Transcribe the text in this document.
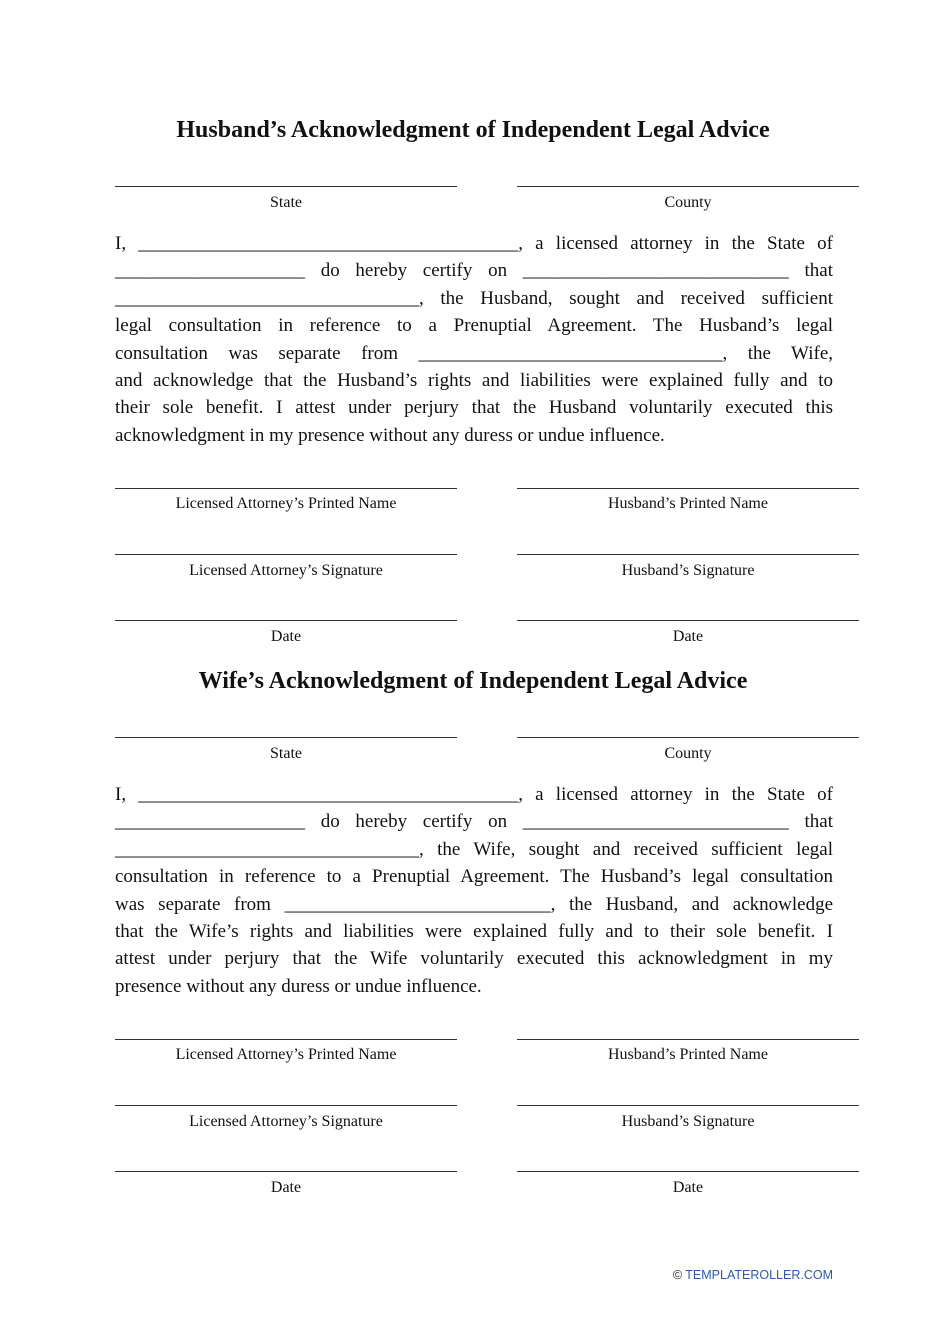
Husband’s Acknowledgment of Independent Legal Advice
State	County
I, ________________________________________, a licensed attorney in the State of
____________________ do hereby certify on ____________________________ that
________________________________, the Husband, sought and received sufficient
legal consultation in reference to a Prenuptial Agreement. The Husband’s legal
consultation was separate from ________________________________, the Wife,
and acknowledge that the Husband’s rights and liabilities were explained fully and to
their sole benefit. I attest under perjury that the Husband voluntarily executed this
acknowledgment in my presence without any duress or undue influence.
Licensed Attorney’s Printed Name	Husband’s Printed Name
Licensed Attorney’s Signature	Husband’s Signature
Date	Date
Wife’s Acknowledgment of Independent Legal Advice
State	County
I, ________________________________________, a licensed attorney in the State of
____________________ do hereby certify on ____________________________ that
________________________________, the Wife, sought and received sufficient legal
consultation in reference to a Prenuptial Agreement. The Husband’s legal consultation
was separate from ____________________________, the Husband, and acknowledge
that the Wife’s rights and liabilities were explained fully and to their sole benefit. I
attest under perjury that the Wife voluntarily executed this acknowledgment in my
presence without any duress or undue influence.
Licensed Attorney’s Printed Name	Husband’s Printed Name
Licensed Attorney’s Signature	Husband’s Signature
Date	Date
© TEMPLATEROLLER.COM
